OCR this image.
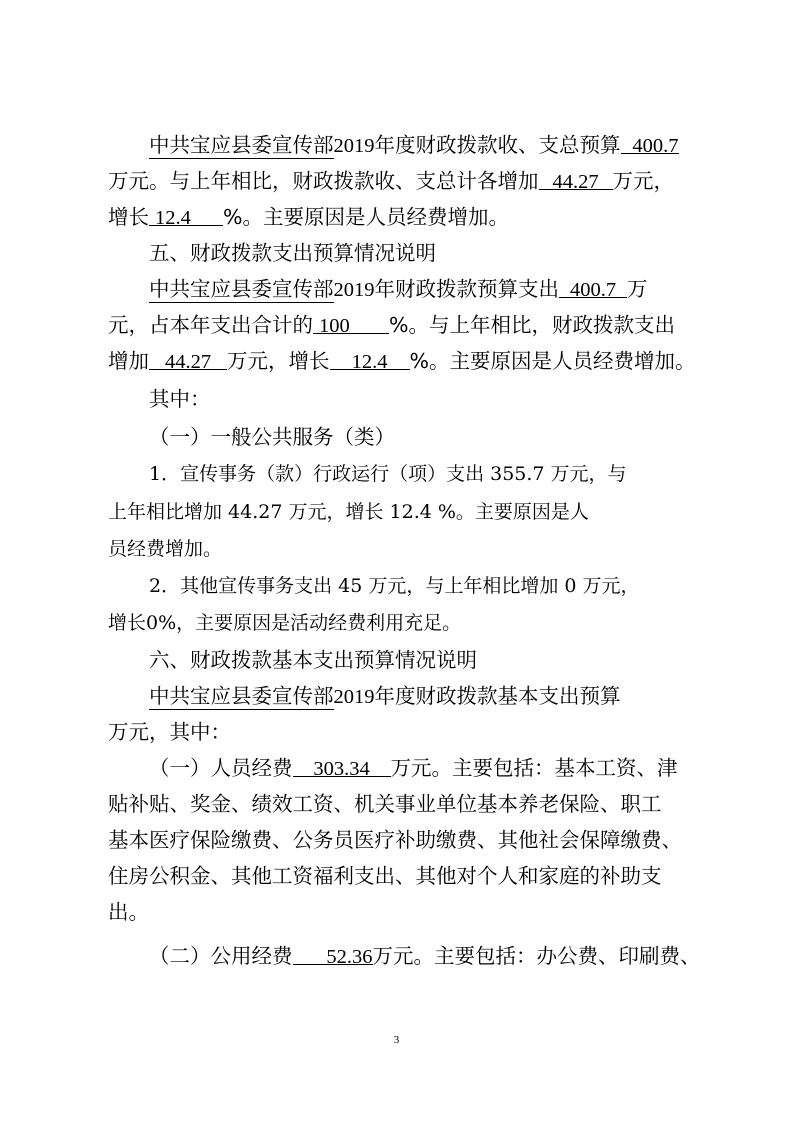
中共宝应县委宣传部2019年度财政拨款收、支总预算 400.7
万元。与上年相比，财政拨款收、支总计各增加 44.27 万元，
增长 12.4 %。主要原因是人员经费增加。
五、财政拨款支出预算情况说明
中共宝应县委宣传部2019年财政拨款预算支出 400.7 万
元，占本年支出合计的 100 %。与上年相比，财政拨款支出
增加 44.27 万元，增长 12.4 %。主要原因是人员经费增加。
其中：
（一）一般公共服务（类）
1．宣传事务（款）行政运行（项）支出 355.7 万元，与
上年相比增加 44.27 万元，增长 12.4 %。主要原因是人
员经费增加。
2．其他宣传事务支出 45 万元，与上年相比增加 0 万元，
增长0%，主要原因是活动经费利用充足。
六、财政拨款基本支出预算情况说明
中共宝应县委宣传部2019年度财政拨款基本支出预算
万元，其中：
（一）人员经费 303.34 万元。主要包括：基本工资、津
贴补贴、奖金、绩效工资、机关事业单位基本养老保险、职工
基本医疗保险缴费、公务员医疗补助缴费、其他社会保障缴费、
住房公积金、其他工资福利支出、其他对个人和家庭的补助支
出。
（二）公用经费 52.36万元。主要包括：办公费、印刷费、
3
